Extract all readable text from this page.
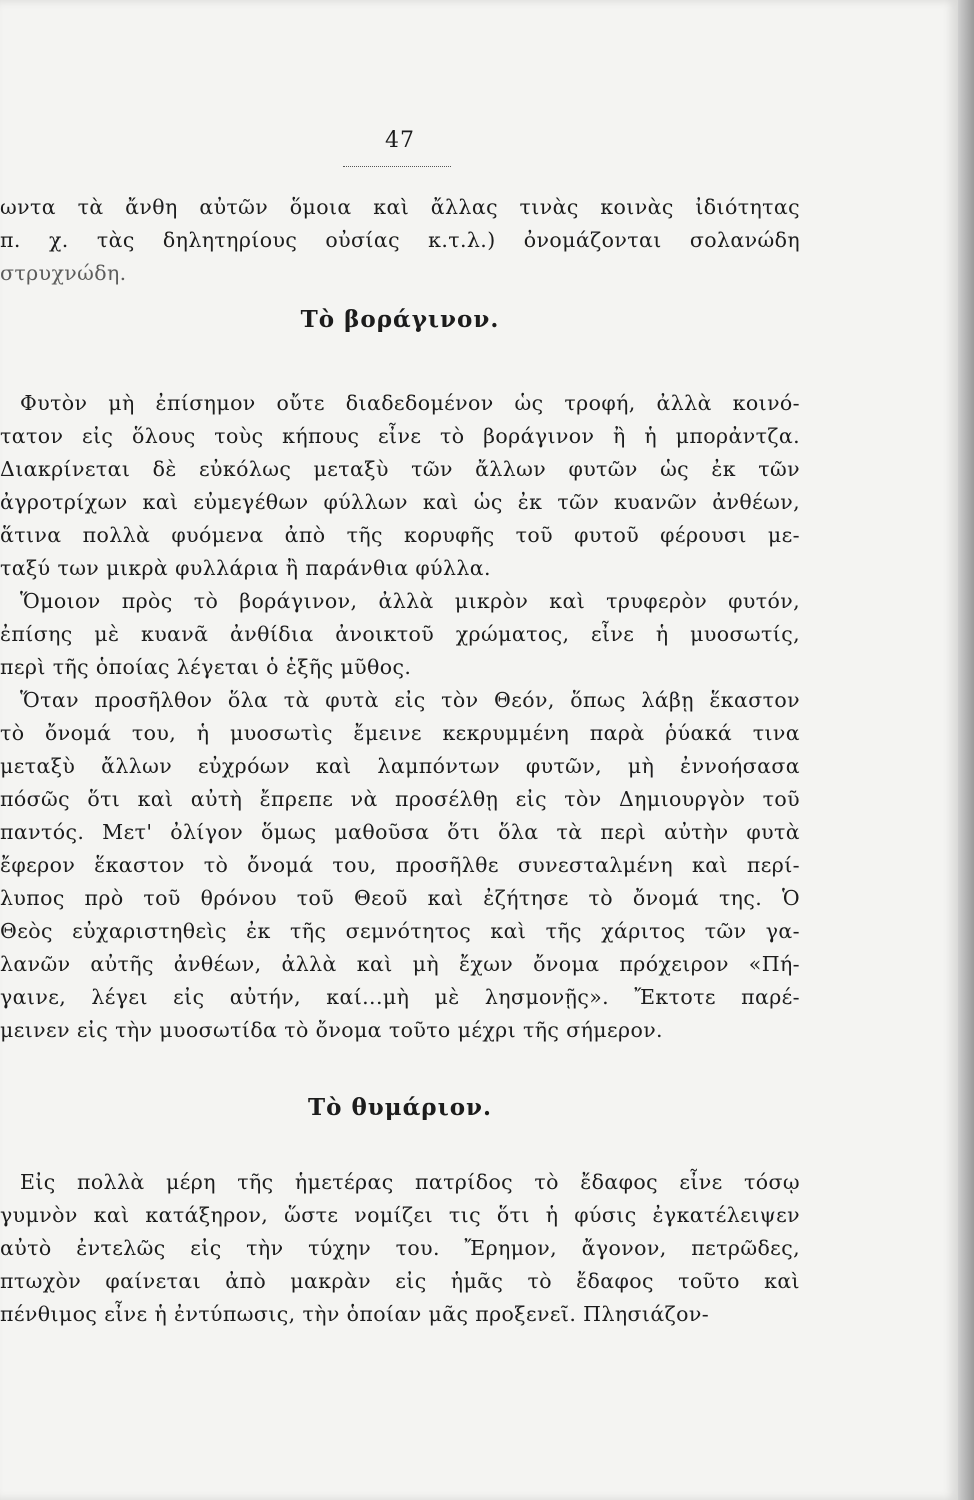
47
ωντα τὰ ἄνθη αὐτῶν ὅμοια καὶ ἄλλας τινὰς κοινὰς ἰδιότητας
π. χ. τὰς δηλητηρίους οὐσίας κ.τ.λ.) ὀνομάζονται σολανώδη
στρυχνώδη.
Τὸ βοράγινον.
Φυτὸν μὴ ἐπίσημον οὔτε διαδεδομένον ὡς τροφή, ἀλλὰ κοινό-
τατον εἰς ὅλους τοὺς κήπους εἶνε τὸ βοράγινον ἢ ἡ μπορἀντζα.
Διακρίνεται δὲ εὐκόλως μεταξὺ τῶν ἄλλων φυτῶν ὡς ἐκ τῶν
ἀγροτρίχων καὶ εὐμεγέθων φύλλων καὶ ὡς ἐκ τῶν κυανῶν ἀνθέων,
ἅτινα πολλὰ φυόμενα ἀπὸ τῆς κορυφῆς τοῦ φυτοῦ φέρουσι με-
ταξύ των μικρὰ φυλλάρια ἢ παράνθια φύλλα.
Ὅμοιον πρὸς τὸ βοράγινον, ἀλλὰ μικρὸν καὶ τρυφερὸν φυτόν,
ἐπίσης μὲ κυανᾶ ἀνθίδια ἀνοικτοῦ χρώματος, εἶνε ἡ μυοσωτίς,
περὶ τῆς ὁποίας λέγεται ὁ ἑξῆς μῦθος.
Ὅταν προσῆλθον ὅλα τὰ φυτὰ εἰς τὸν Θεόν, ὅπως λάβῃ ἕκαστον
τὸ ὄνομά του, ἡ μυοσωτὶς ἔμεινε κεκρυμμένη παρὰ ῥύακά τινα
μεταξὺ ἄλλων εὐχρόων καὶ λαμπόντων φυτῶν, μὴ ἐννοήσασα
πόσῶς ὅτι καὶ αὐτὴ ἔπρεπε νὰ προσέλθῃ εἰς τὸν Δημιουργὸν τοῦ
παντός. Μετ' ὀλίγον ὅμως μαθοῦσα ὅτι ὅλα τὰ περὶ αὐτὴν φυτὰ
ἔφερον ἕκαστον τὸ ὄνομά του, προσῆλθε συνεσταλμένη καὶ περί-
λυπος πρὸ τοῦ θρόνου τοῦ Θεοῦ καὶ ἐζήτησε τὸ ὄνομά της. Ὁ
Θεὸς εὐχαριστηθεὶς ἐκ τῆς σεμνότητος καὶ τῆς χάριτος τῶν γα-
λανῶν αὐτῆς ἀνθέων, ἀλλὰ καὶ μὴ ἔχων ὄνομα πρόχειρον «Πή-
γαινε, λέγει εἰς αὐτήν, καί...μὴ μὲ λησμονῇς». Ἔκτοτε παρέ-
μεινεν εἰς τὴν μυοσωτίδα τὸ ὄνομα τοῦτο μέχρι τῆς σήμερον.
Τὸ θυμάριον.
Εἰς πολλὰ μέρη τῆς ἡμετέρας πατρίδος τὸ ἔδαφος εἶνε τόσῳ
γυμνὸν καὶ κατάξηρον, ὥστε νομίζει τις ὅτι ἡ φύσις ἐγκατέλειψεν
αὐτὸ ἐντελῶς εἰς τὴν τύχην του. Ἔρημον, ἄγονον, πετρῶδες,
πτωχὸν φαίνεται ἀπὸ μακρὰν εἰς ἡμᾶς τὸ ἔδαφος τοῦτο καὶ
πένθιμος εἶνε ἡ ἐντύπωσις, τὴν ὁποίαν μᾶς προξενεῖ. Πλησιάζον-
